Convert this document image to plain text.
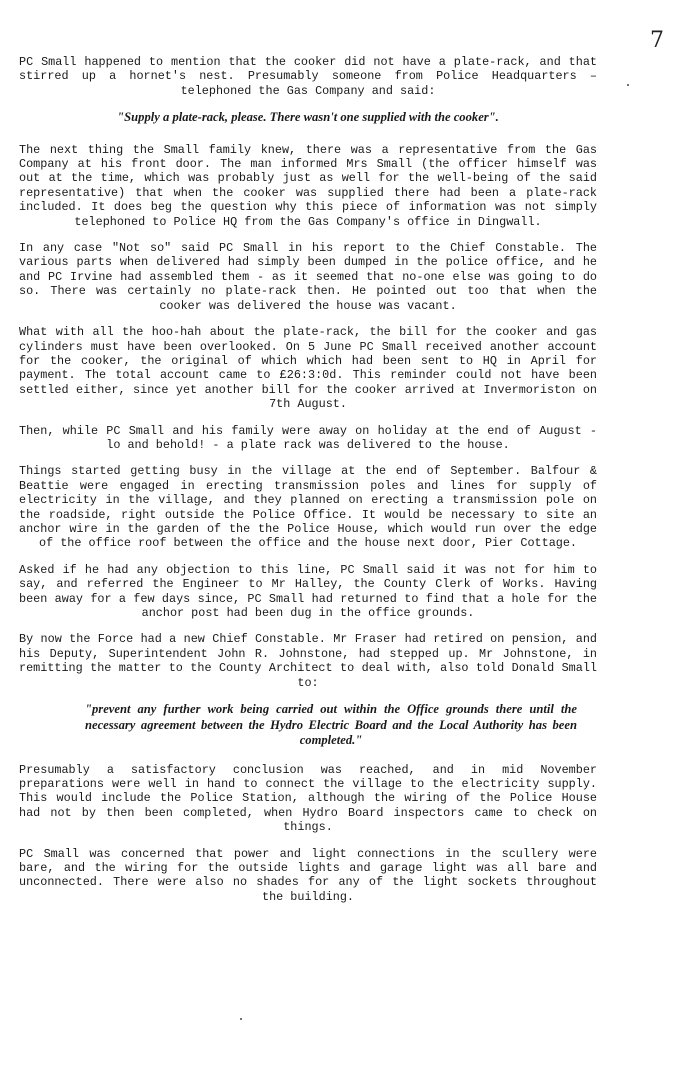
7

PC Small happened to mention that the cooker did not have a plate-rack, and that stirred up a hornet's nest. Presumably someone from Police Headquarters – telephoned the Gas Company and said:

"Supply a plate-rack, please. There wasn't one supplied with the cooker".

The next thing the Small family knew, there was a representative from the Gas Company at his front door. The man informed Mrs Small (the officer himself was out at the time, which was probably just as well for the well-being of the said representative) that when the cooker was supplied there had been a plate-rack included. It does beg the question why this piece of information was not simply telephoned to Police HQ from the Gas Company's office in Dingwall.

In any case "Not so" said PC Small in his report to the Chief Constable. The various parts when delivered had simply been dumped in the police office, and he and PC Irvine had assembled them - as it seemed that no-one else was going to do so. There was certainly no plate-rack then. He pointed out too that when the cooker was delivered the house was vacant.

What with all the hoo-hah about the plate-rack, the bill for the cooker and gas cylinders must have been overlooked. On 5 June PC Small received another account for the cooker, the original of which which had been sent to HQ in April for payment. The total account came to £26:3:0d. This reminder could not have been settled either, since yet another bill for the cooker arrived at Invermoriston on 7th August.

Then, while PC Small and his family were away on holiday at the end of August - lo and behold! - a plate rack was delivered to the house.

Things started getting busy in the village at the end of September. Balfour & Beattie were engaged in erecting transmission poles and lines for supply of electricity in the village, and they planned on erecting a transmission pole on the roadside, right outside the Police Office. It would be necessary to site an anchor wire in the garden of the the Police House, which would run over the edge of the office roof between the office and the house next door, Pier Cottage.

Asked if he had any objection to this line, PC Small said it was not for him to say, and referred the Engineer to Mr Halley, the County Clerk of Works. Having been away for a few days since, PC Small had returned to find that a hole for the anchor post had been dug in the office grounds.

By now the Force had a new Chief Constable. Mr Fraser had retired on pension, and his Deputy, Superintendent John R. Johnstone, had stepped up. Mr Johnstone, in remitting the matter to the County Architect to deal with, also told Donald Small to:

"prevent any further work being carried out within the Office grounds there until the necessary agreement between the Hydro Electric Board and the Local Authority has been completed."

Presumably a satisfactory conclusion was reached, and in mid November preparations were well in hand to connect the village to the electricity supply. This would include the Police Station, although the wiring of the Police House had not by then been completed, when Hydro Board inspectors came to check on things.

PC Small was concerned that power and light connections in the scullery were bare, and the wiring for the outside lights and garage light was all bare and unconnected. There were also no shades for any of the light sockets throughout the building.
